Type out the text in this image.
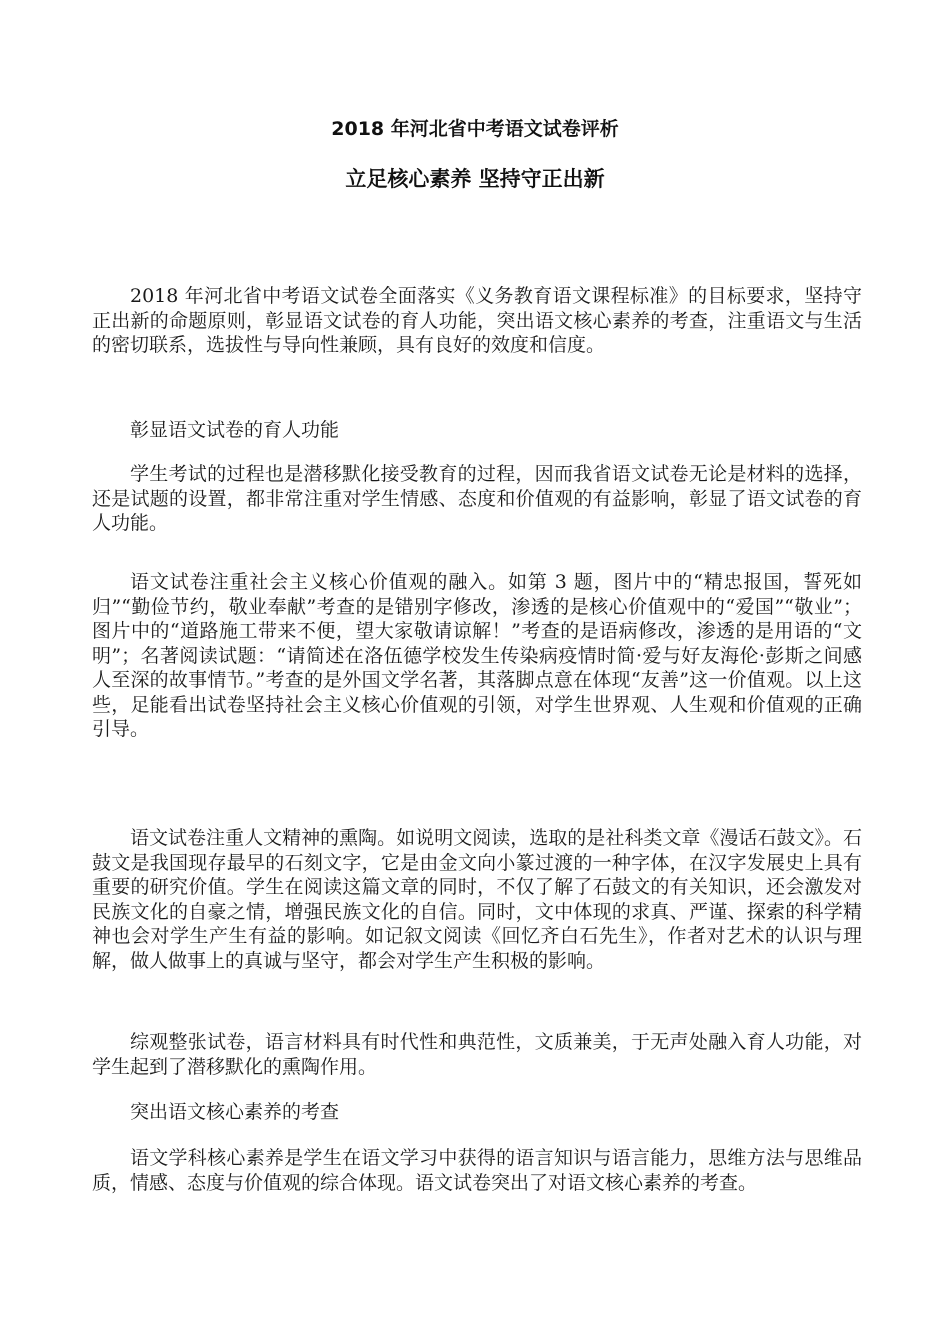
2018 年河北省中考语文试卷评析
立足核心素养 坚持守正出新

2018 年河北省中考语文试卷全面落实《义务教育语文课程标准》的目标要求，坚持守正出新的命题原则，彰显语文试卷的育人功能，突出语文核心素养的考查，注重语文与生活的密切联系，选拔性与导向性兼顾，具有良好的效度和信度。

彰显语文试卷的育人功能

学生考试的过程也是潜移默化接受教育的过程，因而我省语文试卷无论是材料的选择，还是试题的设置，都非常注重对学生情感、态度和价值观的有益影响，彰显了语文试卷的育人功能。

语文试卷注重社会主义核心价值观的融入。如第 3 题，图片中的“精忠报国，誓死如归”“勤俭节约，敬业奉献”考查的是错别字修改，渗透的是核心价值观中的“爱国”“敬业”；图片中的“道路施工带来不便，望大家敬请谅解！”考查的是语病修改，渗透的是用语的“文明”；名著阅读试题：“请简述在洛伍德学校发生传染病疫情时简·爱与好友海伦·彭斯之间感人至深的故事情节。”考查的是外国文学名著，其落脚点意在体现“友善”这一价值观。以上这些，足能看出试卷坚持社会主义核心价值观的引领，对学生世界观、人生观和价值观的正确引导。

语文试卷注重人文精神的熏陶。如说明文阅读，选取的是社科类文章《漫话石鼓文》。石鼓文是我国现存最早的石刻文字，它是由金文向小篆过渡的一种字体，在汉字发展史上具有重要的研究价值。学生在阅读这篇文章的同时，不仅了解了石鼓文的有关知识，还会激发对民族文化的自豪之情，增强民族文化的自信。同时，文中体现的求真、严谨、探索的科学精神也会对学生产生有益的影响。如记叙文阅读《回忆齐白石先生》，作者对艺术的认识与理解，做人做事上的真诚与坚守，都会对学生产生积极的影响。

综观整张试卷，语言材料具有时代性和典范性，文质兼美，于无声处融入育人功能，对学生起到了潜移默化的熏陶作用。

突出语文核心素养的考查

语文学科核心素养是学生在语文学习中获得的语言知识与语言能力，思维方法与思维品质，情感、态度与价值观的综合体现。语文试卷突出了对语文核心素养的考查。
